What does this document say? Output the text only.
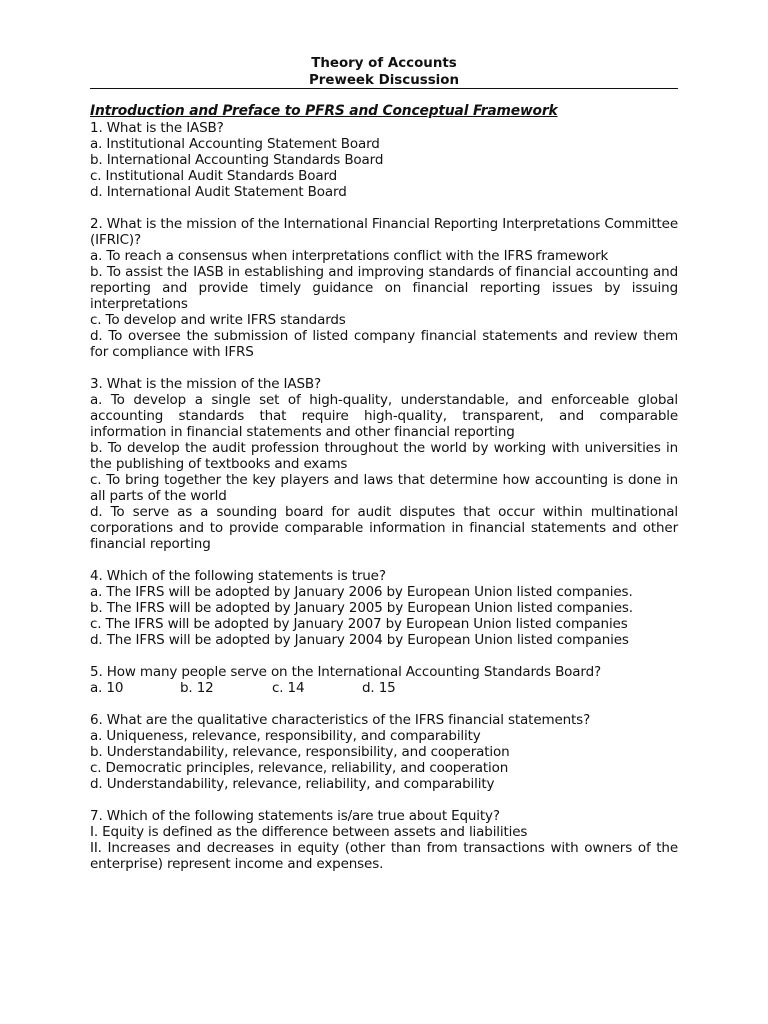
Theory of Accounts
Preweek Discussion
Introduction and Preface to PFRS and Conceptual Framework

1. What is the IASB?

a. Institutional Accounting Statement Board

b. International Accounting Standards Board

c. Institutional Audit Standards Board

d. International Audit Statement Board

2. What is the mission of the International Financial Reporting Interpretations Committee (IFRIC)?

a. To reach a consensus when interpretations conflict with the IFRS framework

b. To assist the IASB in establishing and improving standards of financial accounting and reporting and provide timely guidance on financial reporting issues by issuing interpretations

c. To develop and write IFRS standards

d. To oversee the submission of listed company financial statements and review them for compliance with IFRS

3. What is the mission of the IASB?

a. To develop a single set of high-quality, understandable, and enforceable global accounting standards that require high-quality, transparent, and comparable information in financial statements and other financial reporting

b. To develop the audit profession throughout the world by working with universities in the publishing of textbooks and exams

c. To bring together the key players and laws that determine how accounting is done in all parts of the world

d. To serve as a sounding board for audit disputes that occur within multinational corporations and to provide comparable information in financial statements and other financial reporting

4. Which of the following statements is true?

a. The IFRS will be adopted by January 2006 by European Union listed companies.

b. The IFRS will be adopted by January 2005 by European Union listed companies.

c. The IFRS will be adopted by January 2007 by European Union listed companies

d. The IFRS will be adopted by January 2004 by European Union listed companies

5. How many people serve on the International Accounting Standards Board?

a. 10	b. 12	c. 14	d. 15

6. What are the qualitative characteristics of the IFRS financial statements?

a. Uniqueness, relevance, responsibility, and comparability

b. Understandability, relevance, responsibility, and cooperation

c. Democratic principles, relevance, reliability, and cooperation

d. Understandability, relevance, reliability, and comparability

7. Which of the following statements is/are true about Equity?

I. Equity is defined as the difference between assets and liabilities

II. Increases and decreases in equity (other than from transactions with owners of the enterprise) represent income and expenses.
